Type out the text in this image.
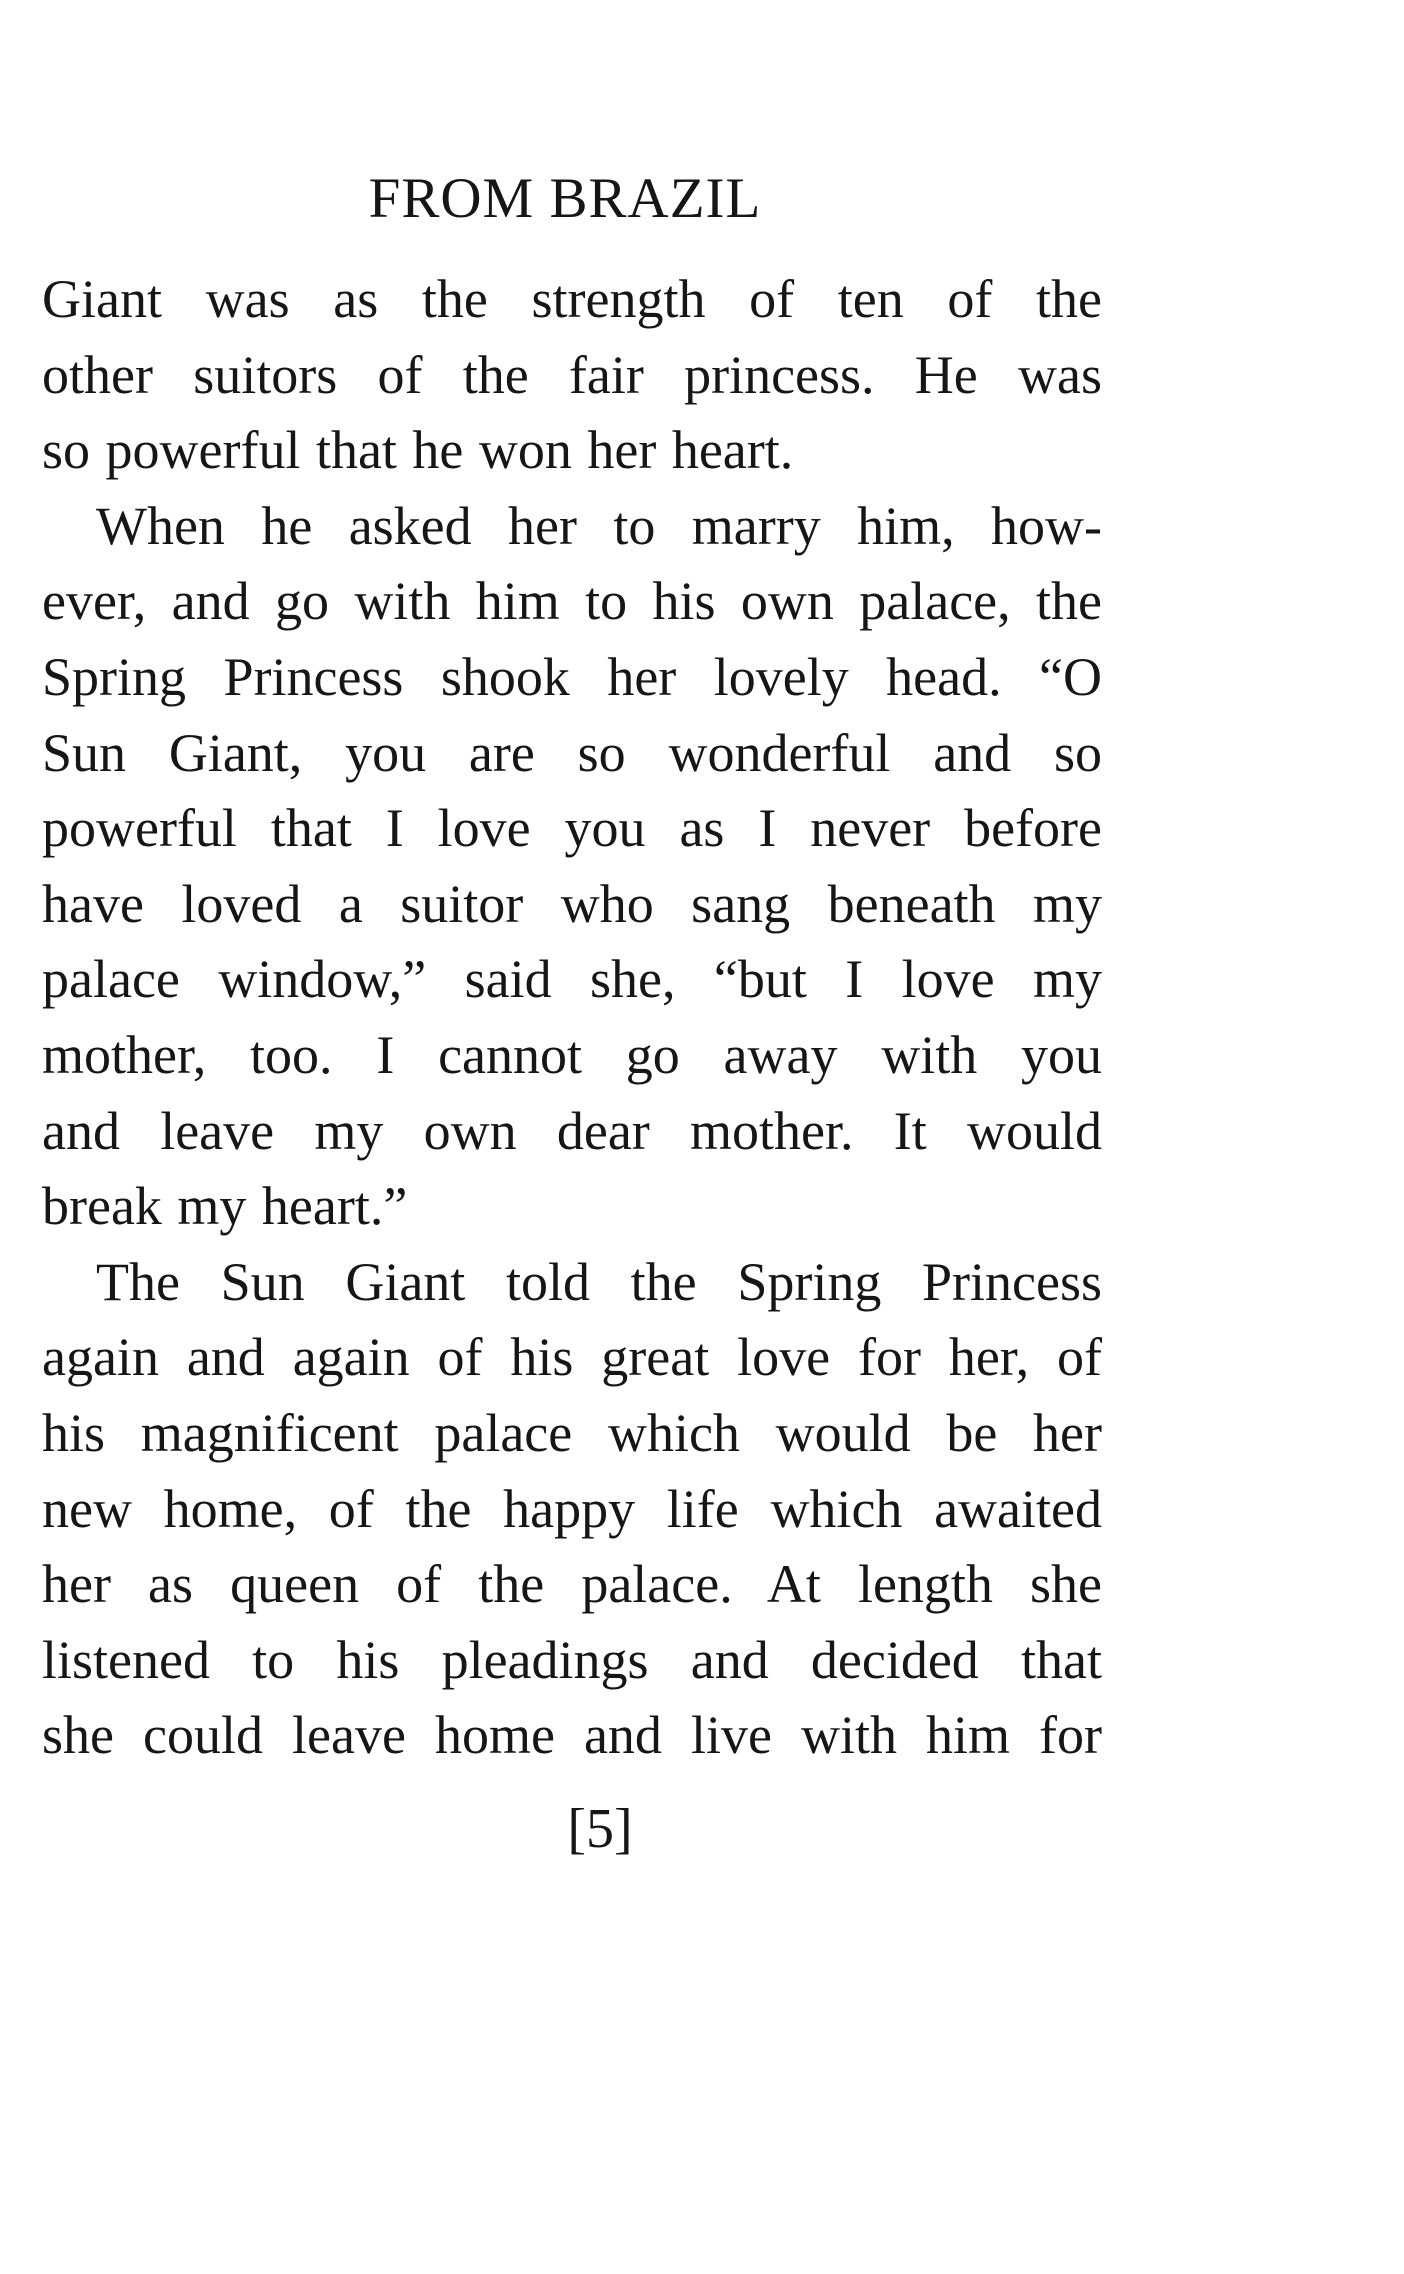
FROM BRAZIL
Giant was as the strength of ten of the
other suitors of the fair princess. He was
so powerful that he won her heart.
When he asked her to marry him, how-
ever, and go with him to his own palace, the
Spring Princess shook her lovely head. “O
Sun Giant, you are so wonderful and so
powerful that I love you as I never before
have loved a suitor who sang beneath my
palace window,” said she, “but I love my
mother, too. I cannot go away with you
and leave my own dear mother. It would
break my heart.”
The Sun Giant told the Spring Princess
again and again of his great love for her, of
his magnificent palace which would be her
new home, of the happy life which awaited
her as queen of the palace. At length she
listened to his pleadings and decided that
she could leave home and live with him for

[5]
